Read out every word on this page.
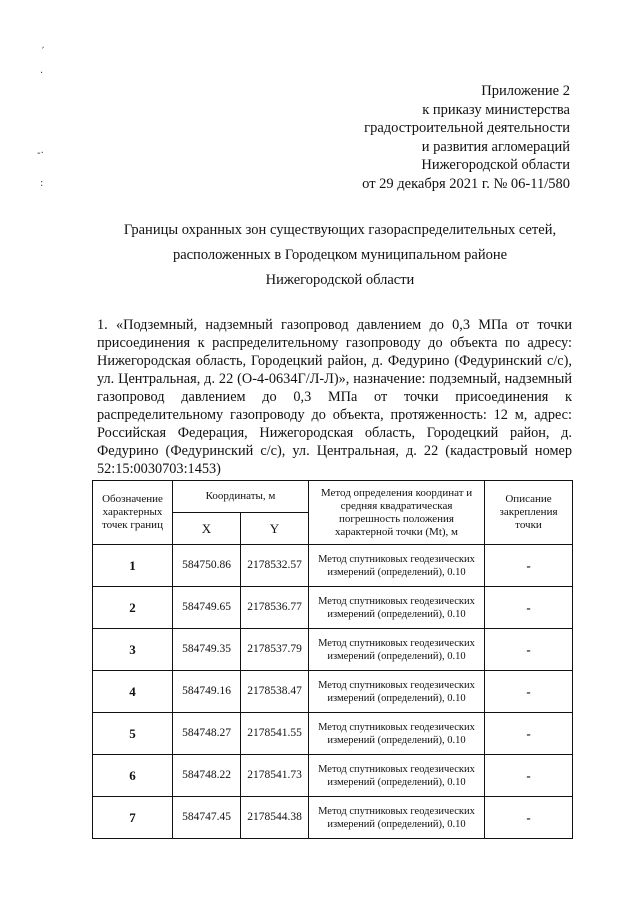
ˏ
·
-·
:
Приложение 2
к приказу министерства
градостроительной деятельности
и развития агломераций
Нижегородской области
от 29 декабря 2021 г. № 06-11/580
Границы охранных зон существующих газораспределительных сетей,
расположенных в Городецком муниципальном районе
Нижегородской области
1. «Подземный, надземный газопровод давлением до 0,3 МПа от точки присоединения к распределительному газопроводу до объекта по адресу: Нижегородская область, Городецкий район, д. Федурино (Федуринский с/с), ул. Центральная, д. 22 (О-4-0634Г/Л-Л)», назначение: подземный, надземный газопровод давлением до 0,3 МПа от точки присоединения к распределительному газопроводу до объекта, протяженность: 12 м, адрес: Российская Федерация, Нижегородская область, Городецкий район, д. Федурино (Федуринский с/с), ул. Центральная, д. 22 (кадастровый номер 52:15:0030703:1453)
Обозначение характерных точек границ	Координаты, м		Метод определения координат и средняя квадратическая погрешность положения характерной точки (Мt), м	Описание закрепления точки
	X	Y		
1	584750.86	2178532.57	Метод спутниковых геодезических измерений (определений), 0.10	-
2	584749.65	2178536.77	Метод спутниковых геодезических измерений (определений), 0.10	-
3	584749.35	2178537.79	Метод спутниковых геодезических измерений (определений), 0.10	-
4	584749.16	2178538.47	Метод спутниковых геодезических измерений (определений), 0.10	-
5	584748.27	2178541.55	Метод спутниковых геодезических измерений (определений), 0.10	-
6	584748.22	2178541.73	Метод спутниковых геодезических измерений (определений), 0.10	-
7	584747.45	2178544.38	Метод спутниковых геодезических измерений (определений), 0.10	-
